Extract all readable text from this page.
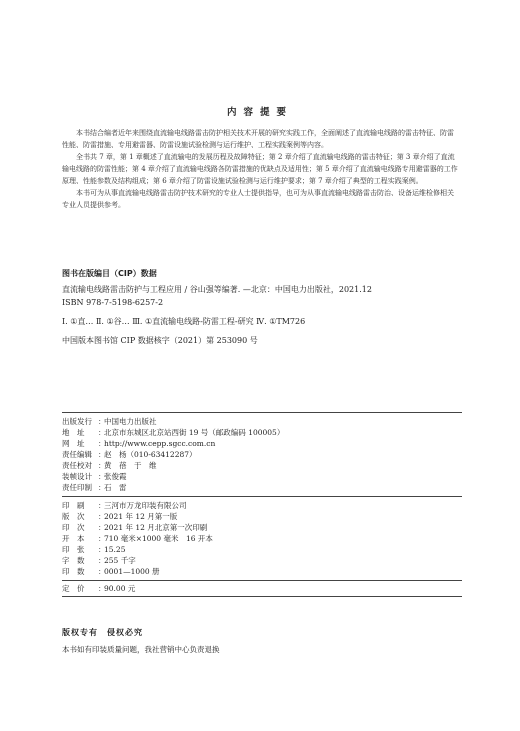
内容提要

本书结合编者近年来围绕直流输电线路雷击防护相关技术开展的研究实践工作，全面阐述了直流输电线路的雷击特征、防雷性能、防雷措施、专用避雷器、防雷设施试验检测与运行维护、工程实践案例等内容。

全书共 7 章，第 1 章概述了直流输电的发展历程及故障特征；第 2 章介绍了直流输电线路的雷击特征；第 3 章介绍了直流输电线路的防雷性能；第 4 章介绍了直流输电线路各防雷措施的优缺点及适用性；第 5 章介绍了直流输电线路专用避雷器的工作原理、性能参数及结构组成；第 6 章介绍了防雷设施试验检测与运行维护要求；第 7 章介绍了典型的工程实践案例。

本书可为从事直流输电线路雷击防护技术研究的专业人士提供指导，也可为从事直流输电线路雷击防治、设备运维检修相关专业人员提供参考。

图书在版编目（CIP）数据
直流输电线路雷击防护与工程应用 / 谷山强等编著. —北京：中国电力出版社，2021.12
ISBN 978-7-5198-6257-2
Ⅰ. ①直… Ⅱ. ①谷… Ⅲ. ①直流输电线路-防雷工程-研究 Ⅳ. ①TM726
中国版本图书馆 CIP 数据核字（2021）第 253090 号
出版发行 ：
中国电力出版社
地　址	：
北京市东城区北京站西街 19 号（邮政编码 100005）
网　址	：
http://www.cepp.sgcc.com.cn
责任编辑 ：
赵　杨（010-63412287）
责任校对 ：
黄　蓓　于　维
装帧设计 ：
张俊霞
责任印制 ：
石　雷
印　刷	：
三河市万龙印装有限公司
版　次	：
2021 年 12 月第一版
印　次	：
2021 年 12 月北京第一次印刷
开　本	：
710 毫米×1000 毫米　16 开本
印　张	：
15.25
字　数	：
255 千字
印　数	：
0001—1000 册
定　价	：
90.00 元
版权专有　侵权必究
本书如有印装质量问题，我社营销中心负责退换
